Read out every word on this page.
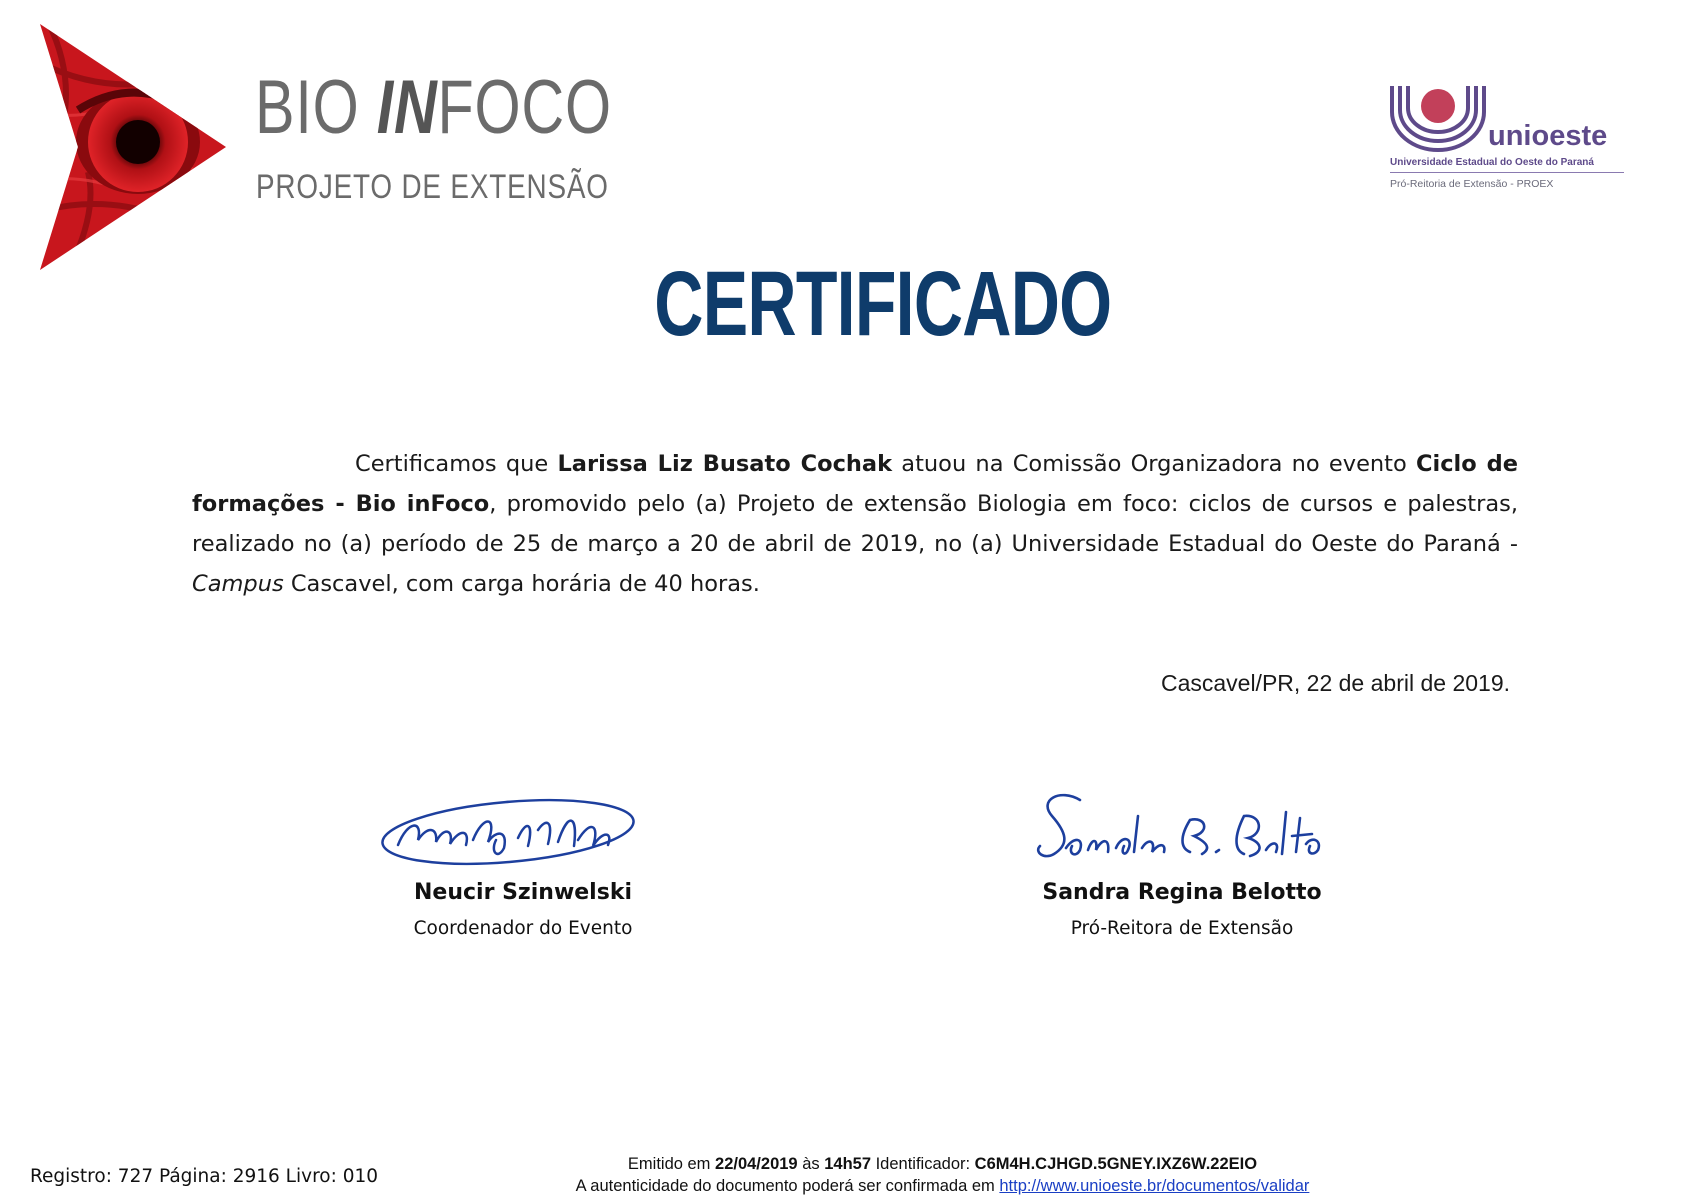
BIO INFOCO
PROJETO DE EXTENSÃO
unioeste
Universidade Estadual do Oeste do Paraná
Pró-Reitoria de Extensão - PROEX
CERTIFICADO
Certificamos que Larissa Liz Busato Cochak atuou na Comissão Organizadora no evento Ciclo de formações - Bio inFoco, promovido pelo (a) Projeto de extensão Biologia em foco: ciclos de cursos e palestras, realizado no (a) período de 25 de março a 20 de abril de 2019, no (a) Universidade Estadual do Oeste do Paraná - Campus Cascavel, com carga horária de 40 horas.
Cascavel/PR, 22 de abril de 2019.
Neucir Szinwelski
Coordenador do Evento
Sandra Regina Belotto
Pró-Reitora de Extensão
Registro: 727 Página: 2916 Livro: 010
Emitido em 22/04/2019 às 14h57 Identificador: C6M4H.CJHGD.5GNEY.IXZ6W.22EIO
A autenticidade do documento poderá ser confirmada em http://www.unioeste.br/documentos/validar
